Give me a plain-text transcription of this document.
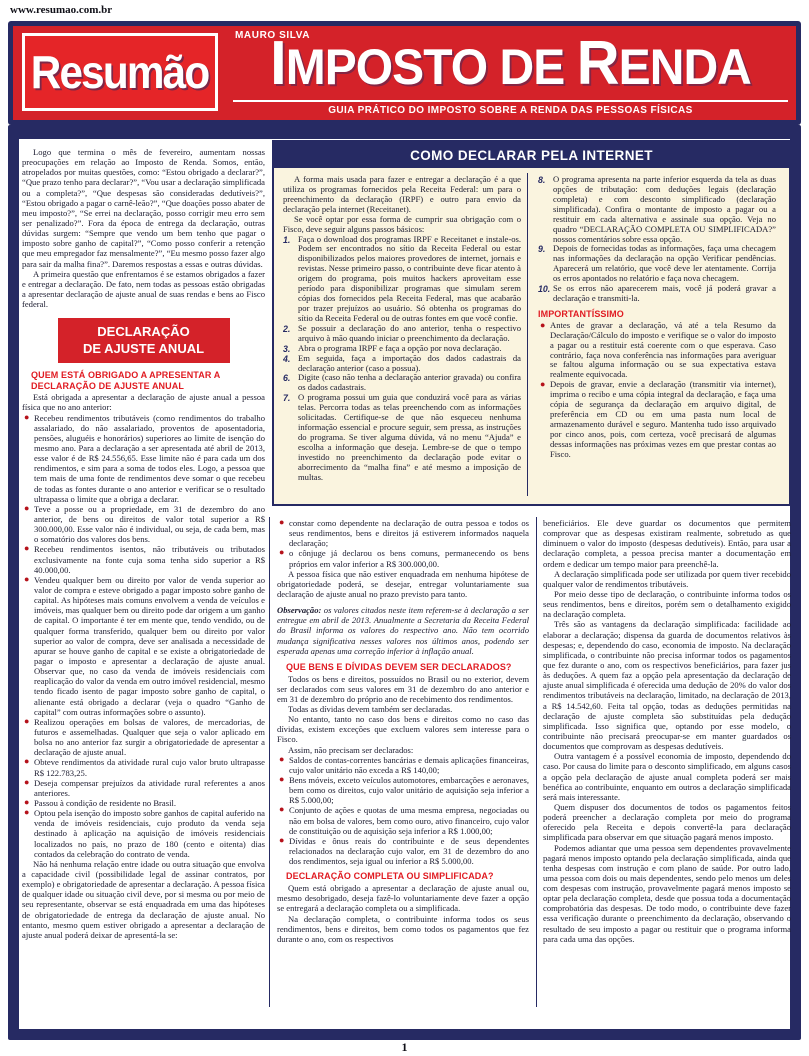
www.resumao.com.br
Resumão
MAURO SILVA
IMPOSTO DE RENDA
GUIA PRÁTICO DO IMPOSTO SOBRE A RENDA DAS PESSOAS FÍSICAS
Logo que termina o mês de fevereiro, aumentam nossas preocupações em relação ao Imposto de Renda. Somos, então, atropelados por muitas questões, como: “Estou obrigado a declarar?”, “Que prazo tenho para declarar?”, “Vou usar a declaração simplificada ou a completa?”, “Que despesas são consideradas dedutíveis?”, “Estou obrigado a pagar o carnê-leão?”, “Que doações posso abater de meu imposto?”, “Se errei na declaração, posso corrigir meu erro sem ser penalizado?”. Fora da época de entrega da declaração, outras dúvidas surgem: “Sempre que vendo um bem tenho que pagar o imposto sobre ganho de capital?”, “Como posso conferir a retenção que meu empregador faz mensalmente?”, “Eu mesmo posso fazer algo para sair da malha fina?”. Daremos respostas a essas e outras dúvidas.
A primeira questão que enfrentamos é se estamos obrigados a fazer e entregar a declaração. De fato, nem todas as pessoas estão obrigadas a apresentar declaração de ajuste anual de suas rendas e bens ao Fisco federal.
DECLARAÇÃO
DE AJUSTE ANUAL
QUEM ESTÁ OBRIGADO A APRESENTAR A DECLARAÇÃO DE AJUSTE ANUAL
Está obrigada a apresentar a declaração de ajuste anual a pessoa física que no ano anterior:
● Recebeu rendimentos tributáveis (como rendimentos do trabalho assalariado, do não assalariado, proventos de aposentadoria, pensões, aluguéis e honorários) superiores ao limite de isenção do mesmo ano. Para a declaração a ser apresentada até abril de 2013, esse valor é de R$ 24.556,65. Esse limite não é para cada um dos rendimentos, e sim para a soma de todos eles. Logo, a pessoa que tem mais de uma fonte de rendimentos deve somar o que recebeu de todas as fontes durante o ano anterior e verificar se o resultado ultrapassa o limite que a obriga a declarar.
● Teve a posse ou a propriedade, em 31 de dezembro do ano anterior, de bens ou direitos de valor total superior a R$ 300.000,00. Esse valor não é individual, ou seja, de cada bem, mas o somatório dos valores dos bens.
● Recebeu rendimentos isentos, não tributáveis ou tributados exclusivamente na fonte cuja soma tenha sido superior a R$ 40.000,00.
● Vendeu qualquer bem ou direito por valor de venda superior ao valor de compra e esteve obrigado a pagar imposto sobre ganho de capital. As hipóteses mais comuns envolvem a venda de veículos e imóveis, mas qualquer bem ou direito pode dar origem a um ganho de capital. O importante é ter em mente que, tendo vendido, ou de qualquer forma transferido, qualquer bem ou direito por valor superior ao valor de compra, deve ser analisada a necessidade de apurar se houve ganho de capital e se existe a obrigatoriedade de pagar o imposto e apresentar a declaração de ajuste anual. Observar que, no caso da venda de imóveis residenciais com reaplicação do valor da venda em outro imóvel residencial, mesmo tendo ficado isento de pagar imposto sobre ganho de capital, o alienante está obrigado a declarar (veja o quadro “Ganho de capital” com outras informações sobre o assunto).
● Realizou operações em bolsas de valores, de mercadorias, de futuros e assemelhadas. Qualquer que seja o valor aplicado em bolsa no ano anterior faz surgir a obrigatoriedade de apresentar a declaração de ajuste anual.
● Obteve rendimentos da atividade rural cujo valor bruto ultrapasse R$ 122.783,25.
● Deseja compensar prejuízos da atividade rural referentes a anos anteriores.
● Passou à condição de residente no Brasil.
● Optou pela isenção do imposto sobre ganhos de capital auferido na venda de imóveis residenciais, cujo produto da venda seja destinado à aplicação na aquisição de imóveis residenciais localizados no país, no prazo de 180 (cento e oitenta) dias contados da celebração do contrato de venda.
Não há nenhuma relação entre idade ou outra situação que envolva a capacidade civil (possibilidade legal de assinar contratos, por exemplo) e obrigatoriedade de apresentar a declaração. A pessoa física de qualquer idade ou situação civil deve, por si mesma ou por meio de seu representante, observar se está enquadrada em uma das hipóteses de obrigatoriedade de entrega da declaração de ajuste anual. No entanto, mesmo quem estiver obrigado a apresentar a declaração de ajuste anual poderá deixar de apresentá-la se:
COMO DECLARAR PELA INTERNET
A forma mais usada para fazer e entregar a declaração é a que utiliza os programas fornecidos pela Receita Federal: um para o preenchimento da declaração (IRPF) e outro para envio da declaração pela internet (Receitanet).
Se você optar por essa forma de cumprir sua obrigação com o Fisco, deve seguir alguns passos básicos:
1. Faça o download dos programas IRPF e Receitanet e instale-os. Podem ser encontrados no sítio da Receita Federal ou estar disponibilizados pelos maiores provedores de internet, jornais e revistas. Nesse primeiro passo, o contribuinte deve ficar atento à origem do programa, pois muitos hackers aproveitam esse período para disponibilizar programas que simulam serem cópias dos fornecidos pela Receita Federal, mas que acabarão por trazer prejuízos ao usuário. Só obtenha os programas do sítio da Receita Federal ou de outras fontes em que você confie.
2. Se possuir a declaração do ano anterior, tenha o respectivo arquivo à mão quando iniciar o preenchimento da declaração.
3. Abra o programa IRPF e faça a opção por nova declaração.
4. Em seguida, faça a importação dos dados cadastrais da declaração anterior (caso a possua).
6. Digite (caso não tenha a declaração anterior gravada) ou confira os dados cadastrais.
7. O programa possui um guia que conduzirá você para as várias telas. Percorra todas as telas preenchendo com as informações solicitadas. Certifique-se de que não esqueceu nenhuma informação essencial e procure seguir, sem pressa, as instruções do programa. Se tiver alguma dúvida, vá no menu “Ajuda” e escolha a informação que deseja. Lembre-se de que o tempo investido no preenchimento da declaração pode evitar o aborrecimento da “malha fina” e até mesmo a imposição de multas.
8. O programa apresenta na parte inferior esquerda da tela as duas opções de tributação: com deduções legais (declaração completa) e com desconto simplificado (declaração simplificada). Confira o montante de imposto a pagar ou a restituir em cada alternativa e assinale sua opção. Veja no quadro “DECLARAÇÃO COMPLETA OU SIMPLIFICADA?” nossos comentários sobre essa opção.
9. Depois de fornecidas todas as informações, faça uma checagem nas informações da declaração na opção Verificar pendências. Aparecerá um relatório, que você deve ler atentamente. Corrija os erros apontados no relatório e faça nova checagem.
10. Se os erros não aparecerem mais, você já poderá gravar a declaração e transmiti-la.
IMPORTANTÍSSIMO
● Antes de gravar a declaração, vá até a tela Resumo da Declaração/Cálculo do imposto e verifique se o valor do imposto a pagar ou a restituir está coerente com o que esperava. Caso contrário, faça nova conferência nas informações para averiguar se faltou alguma informação ou se sua expectativa estava realmente equivocada.
● Depois de gravar, envie a declaração (transmitir via internet), imprima o recibo e uma cópia integral da declaração, e faça uma cópia de segurança da declaração em arquivo digital, de preferência em CD ou em uma pasta num local de armazenamento durável e seguro. Mantenha tudo isso arquivado por cinco anos, pois, com certeza, você precisará de algumas dessas informações nas próximas vezes em que prestar contas ao Fisco.
● constar como dependente na declaração de outra pessoa e todos os seus rendimentos, bens e direitos já estiverem informados naquela declaração;
● o cônjuge já declarou os bens comuns, permanecendo os bens próprios em valor inferior a R$ 300.000,00.
A pessoa física que não estiver enquadrada em nenhuma hipótese de obrigatoriedade poderá, se desejar, entregar voluntariamente sua declaração de ajuste anual no prazo previsto para tanto.
Observação: os valores citados neste item referem-se à declaração a ser entregue em abril de 2013. Anualmente a Secretaria da Receita Federal do Brasil informa os valores do respectivo ano. Não tem ocorrido mudança significativa nesses valores nos últimos anos, podendo ser esperada apenas uma correção inferior à inflação anual.
QUE BENS E DÍVIDAS DEVEM SER DECLARADOS?
Todos os bens e direitos, possuídos no Brasil ou no exterior, devem ser declarados com seus valores em 31 de dezembro do ano anterior e em 31 de dezembro do próprio ano de recebimento dos rendimentos.
Todas as dívidas devem também ser declaradas.
No entanto, tanto no caso dos bens e direitos como no caso das dívidas, existem exceções que excluem valores sem interesse para o Fisco.
Assim, não precisam ser declarados:
● Saldos de contas-correntes bancárias e demais aplicações financeiras, cujo valor unitário não exceda a R$ 140,00;
● Bens móveis, exceto veículos automotores, embarcações e aeronaves, bem como os direitos, cujo valor unitário de aquisição seja inferior a R$ 5.000,00;
● Conjunto de ações e quotas de uma mesma empresa, negociadas ou não em bolsa de valores, bem como ouro, ativo financeiro, cujo valor de constituição ou de aquisição seja inferior a R$ 1.000,00;
● Dívidas e ônus reais do contribuinte e de seus dependentes relacionados na declaração cujo valor, em 31 de dezembro do ano dos rendimentos, seja igual ou inferior a R$ 5.000,00.
DECLARAÇÃO COMPLETA OU SIMPLIFICADA?
Quem está obrigado a apresentar a declaração de ajuste anual ou, mesmo desobrigado, deseja fazê-lo voluntariamente deve fazer a opção se entregará a declaração completa ou a simplificada.
Na declaração completa, o contribuinte informa todos os seus rendimentos, bens e direitos, bem como todos os pagamentos que fez durante o ano, com os respectivos
beneficiários. Ele deve guardar os documentos que permitem comprovar que as despesas existiram realmente, sobretudo as que diminuem o valor do imposto (despesas dedutíveis). Então, para usar a declaração completa, a pessoa precisa manter a documentação em ordem e dedicar um tempo maior para preenchê-la.
A declaração simplificada pode ser utilizada por quem tiver recebido qualquer valor de rendimentos tributáveis.
Por meio desse tipo de declaração, o contribuinte informa todos os seus rendimentos, bens e direitos, porém sem o detalhamento exigido na declaração completa.
Três são as vantagens da declaração simplificada: facilidade ao elaborar a declaração; dispensa da guarda de documentos relativos às despesas; e, dependendo do caso, economia de imposto. Na declaração simplificada, o contribuinte não precisa informar todos os pagamentos que fez durante o ano, com os respectivos beneficiários, para fazer jus às deduções. A quem faz a opção pela apresentação da declaração de ajuste anual simplificada é oferecida uma dedução de 20% do valor dos rendimentos tributáveis na declaração, limitado, na declaração de 2013, a R$ 14.542,60. Feita tal opção, todas as deduções permitidas na declaração de ajuste completa são substituídas pela dedução simplificada. Isso significa que, optando por esse modelo, o contribuinte não precisará preocupar-se em manter guardados os documentos que comprovam as despesas dedutíveis.
Outra vantagem é a possível economia de imposto, dependendo do caso. Por causa do limite para o desconto simplificado, em alguns casos a opção pela declaração de ajuste anual completa poderá ser mais benéfica ao contribuinte, enquanto em outros a declaração simplificada será mais interessante.
Quem dispuser dos documentos de todos os pagamentos feitos poderá preencher a declaração completa por meio do programa oferecido pela Receita e depois convertê-la para declaração simplificada para observar em que situação pagará menos imposto.
Podemos adiantar que uma pessoa sem dependentes provavelmente pagará menos imposto optando pela declaração simplificada, ainda que tenha despesas com instrução e com plano de saúde. Por outro lado, uma pessoa com dois ou mais dependentes, sendo pelo menos um deles com despesas com instrução, provavelmente pagará menos imposto se optar pela declaração completa, desde que possua toda a documentação comprobatória das despesas. De todo modo, o contribuinte deve fazer essa verificação durante o preenchimento da declaração, observando o resultado de seu imposto a pagar ou restituir que o programa informa para cada uma das opções.
1
